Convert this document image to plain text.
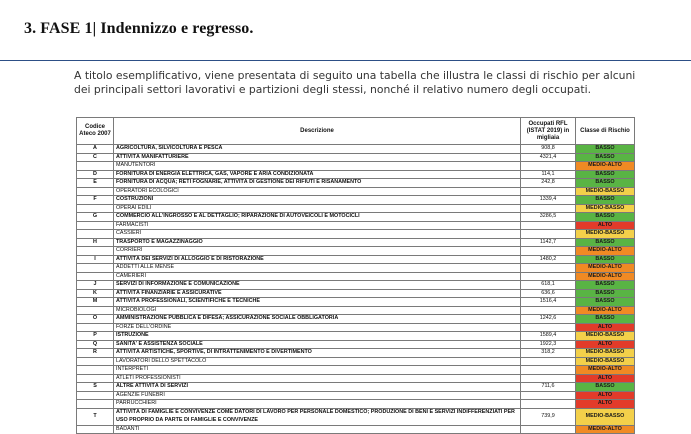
3. FASE 1| Indennizzo e regresso.

A titolo esemplificativo, viene presentata di seguito una tabella che illustra le classi di rischio per alcuni dei principali settori lavorativi e partizioni degli stessi, nonché il relativo numero degli occupati.

Codice Ateco 2007	Descrizione	Occupati RFL (ISTAT 2019) in migliaia	Classe di Rischio
A	AGRICOLTURA, SILVICOLTURA E PESCA	908,8	BASSO
C	ATTIVITÀ MANIFATTURIERE	4321,4	BASSO
	MANUTENTORI		MEDIO-ALTO
D	FORNITURA DI ENERGIA ELETTRICA, GAS, VAPORE E ARIA CONDIZIONATA	114,1	BASSO
E	FORNITURA DI ACQUA; RETI FOGNARIE, ATTIVITÀ DI GESTIONE DEI RIFIUTI E RISANAMENTO	242,8	BASSO
	OPERATORI ECOLOGICI		MEDIO-BASSO
F	COSTRUZIONI	1339,4	BASSO
	OPERAI EDILI		MEDIO-BASSO
G	COMMERCIO ALL'INGROSSO E AL DETTAGLIO; RIPARAZIONE DI AUTOVEICOLI E MOTOCICLI	3286,5	BASSO
	FARMACISTI		ALTO
	CASSIERI		MEDIO-BASSO
H	TRASPORTO E MAGAZZINAGGIO	1142,7	BASSO
	CORRIERI		MEDIO-ALTO
I	ATTIVITÀ DEI SERVIZI DI ALLOGGIO E DI RISTORAZIONE	1480,2	BASSO
	ADDETTI ALLE MENSE		MEDIO-ALTO
	CAMERIERI		MEDIO-ALTO
J	SERVIZI DI INFORMAZIONE E COMUNICAZIONE	618,1	BASSO
K	ATTIVITÀ FINANZIARIE E ASSICURATIVE	636,6	BASSO
M	ATTIVITÀ PROFESSIONALI, SCIENTIFICHE E TECNICHE	1516,4	BASSO
	MICROBIOLOGI		MEDIO-ALTO
O	AMMINISTRAZIONE PUBBLICA E DIFESA; ASSICURAZIONE SOCIALE OBBLIGATORIA	1242,6	BASSO
	FORZE DELL'ORDINE		ALTO
P	ISTRUZIONE	1589,4	MEDIO-BASSO
Q	SANITA' E ASSISTENZA SOCIALE	1922,3	ALTO
R	ATTIVITÀ ARTISTICHE, SPORTIVE, DI INTRATTENIMENTO E DIVERTIMENTO	318,2	MEDIO-BASSO
	LAVORATORI DELLO SPETTACOLO		MEDIO-BASSO
	INTERPRETI		MEDIO-ALTO
	ATLETI PROFESSIONISTI		ALTO
S	ALTRE ATTIVITÀ DI SERVIZI	711,6	BASSO
	AGENZIE FUNEBRI		ALTO
	PARRUCCHIERI		ALTO
T	ATTIVITÀ DI FAMIGLIE E CONVIVENZE COME DATORI DI LAVORO PER PERSONALE DOMESTICO; PRODUZIONE DI BENI E SERVIZI INDIFFERENZIATI PER USO PROPRIO DA PARTE DI FAMIGLIE E CONVIVENZE	739,9	MEDIO-BASSO
	BADANTI		MEDIO-ALTO
